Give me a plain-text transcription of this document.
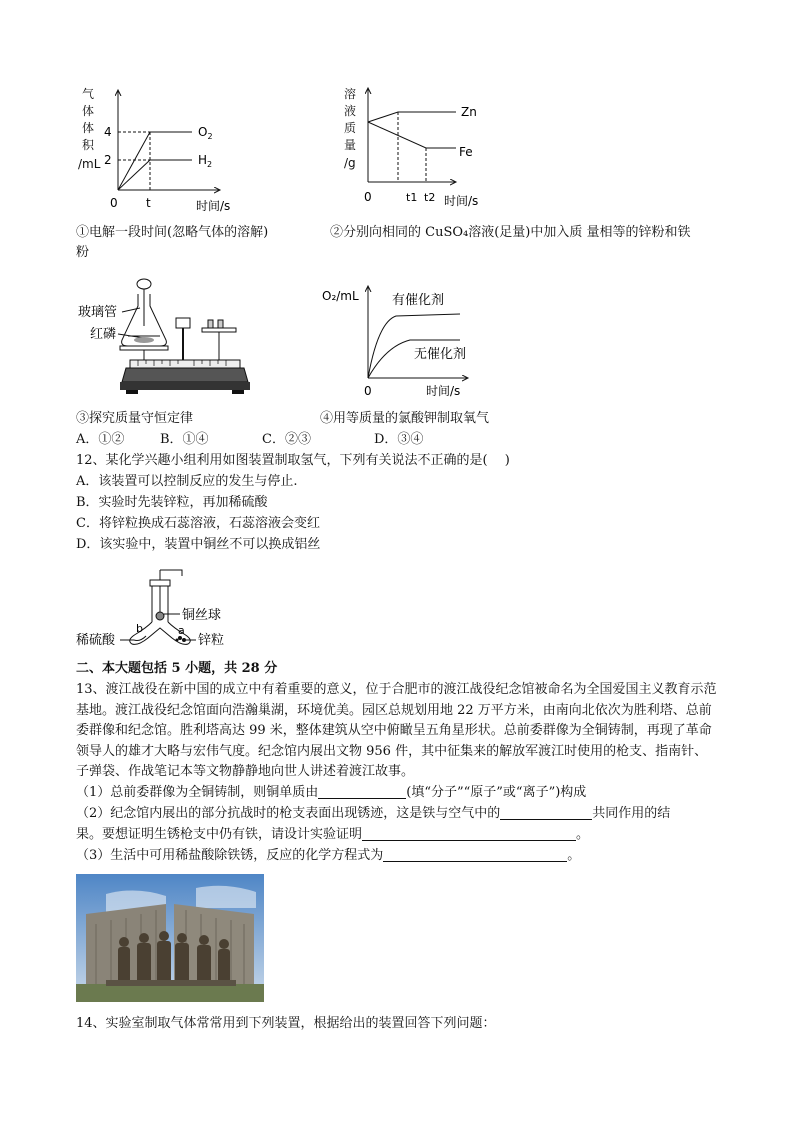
气
体
体
积
/mL
4
2
$O_2$
$H_2$
0 t	时间/s
溶
液
质
量
/g
Zn
Fe
0	t1 t2 时间/s
①电解一段时间(忽略气体的溶解)	②分别向相同的 CuSO₄溶液(足量)中加入质 量相等的锌粉和铁
粉
玻璃管
红磷
O₂/mL	有催化剂
无催化剂
0	时间/s
③探究质量守恒定律	④用等质量的氯酸钾制取氧气
A．①②	B．①④	C．②③	D．③④
12、某化学兴趣小组利用如图装置制取氢气，下列有关说法不正确的是(　 )
A．该装置可以控制反应的发生与停止.
B．实验时先装锌粒，再加稀硫酸
C．将锌粒换成石蕊溶液，石蕊溶液会变红
D．该实验中，装置中铜丝不可以换成铝丝
铜丝球
b	a
稀硫酸	锌粒
二、本大题包括 5 小题，共 28 分
13、渡江战役在新中国的成立中有着重要的意义，位于合肥市的渡江战役纪念馆被命名为全国爱国主义教育示范基地。渡江战役纪念馆面向浩瀚巢湖，环境优美。园区总规划用地 22 万平方米，由南向北依次为胜利塔、总前委群像和纪念馆。胜利塔高达 99 米，整体建筑从空中俯瞰呈五角星形状。总前委群像为全铜铸制，再现了革命领导人的雄才大略与宏伟气度。纪念馆内展出文物 956 件，其中征集来的解放军渡江时使用的枪支、指南针、子弹袋、作战笔记本等文物静静地向世人讲述着渡江故事。
（1）总前委群像为全铜铸制，则铜单质由	(填“分子”“原子”或“离子”)构成
（2）纪念馆内展出的部分抗战时的枪支表面出现锈迹，这是铁与空气中的	共同作用的结
果。要想证明生锈枪支中仍有铁，请设计实验证明	。
（3）生活中可用稀盐酸除铁锈，反应的化学方程式为	。
14、实验室制取气体常常用到下列装置，根据给出的装置回答下列问题：
